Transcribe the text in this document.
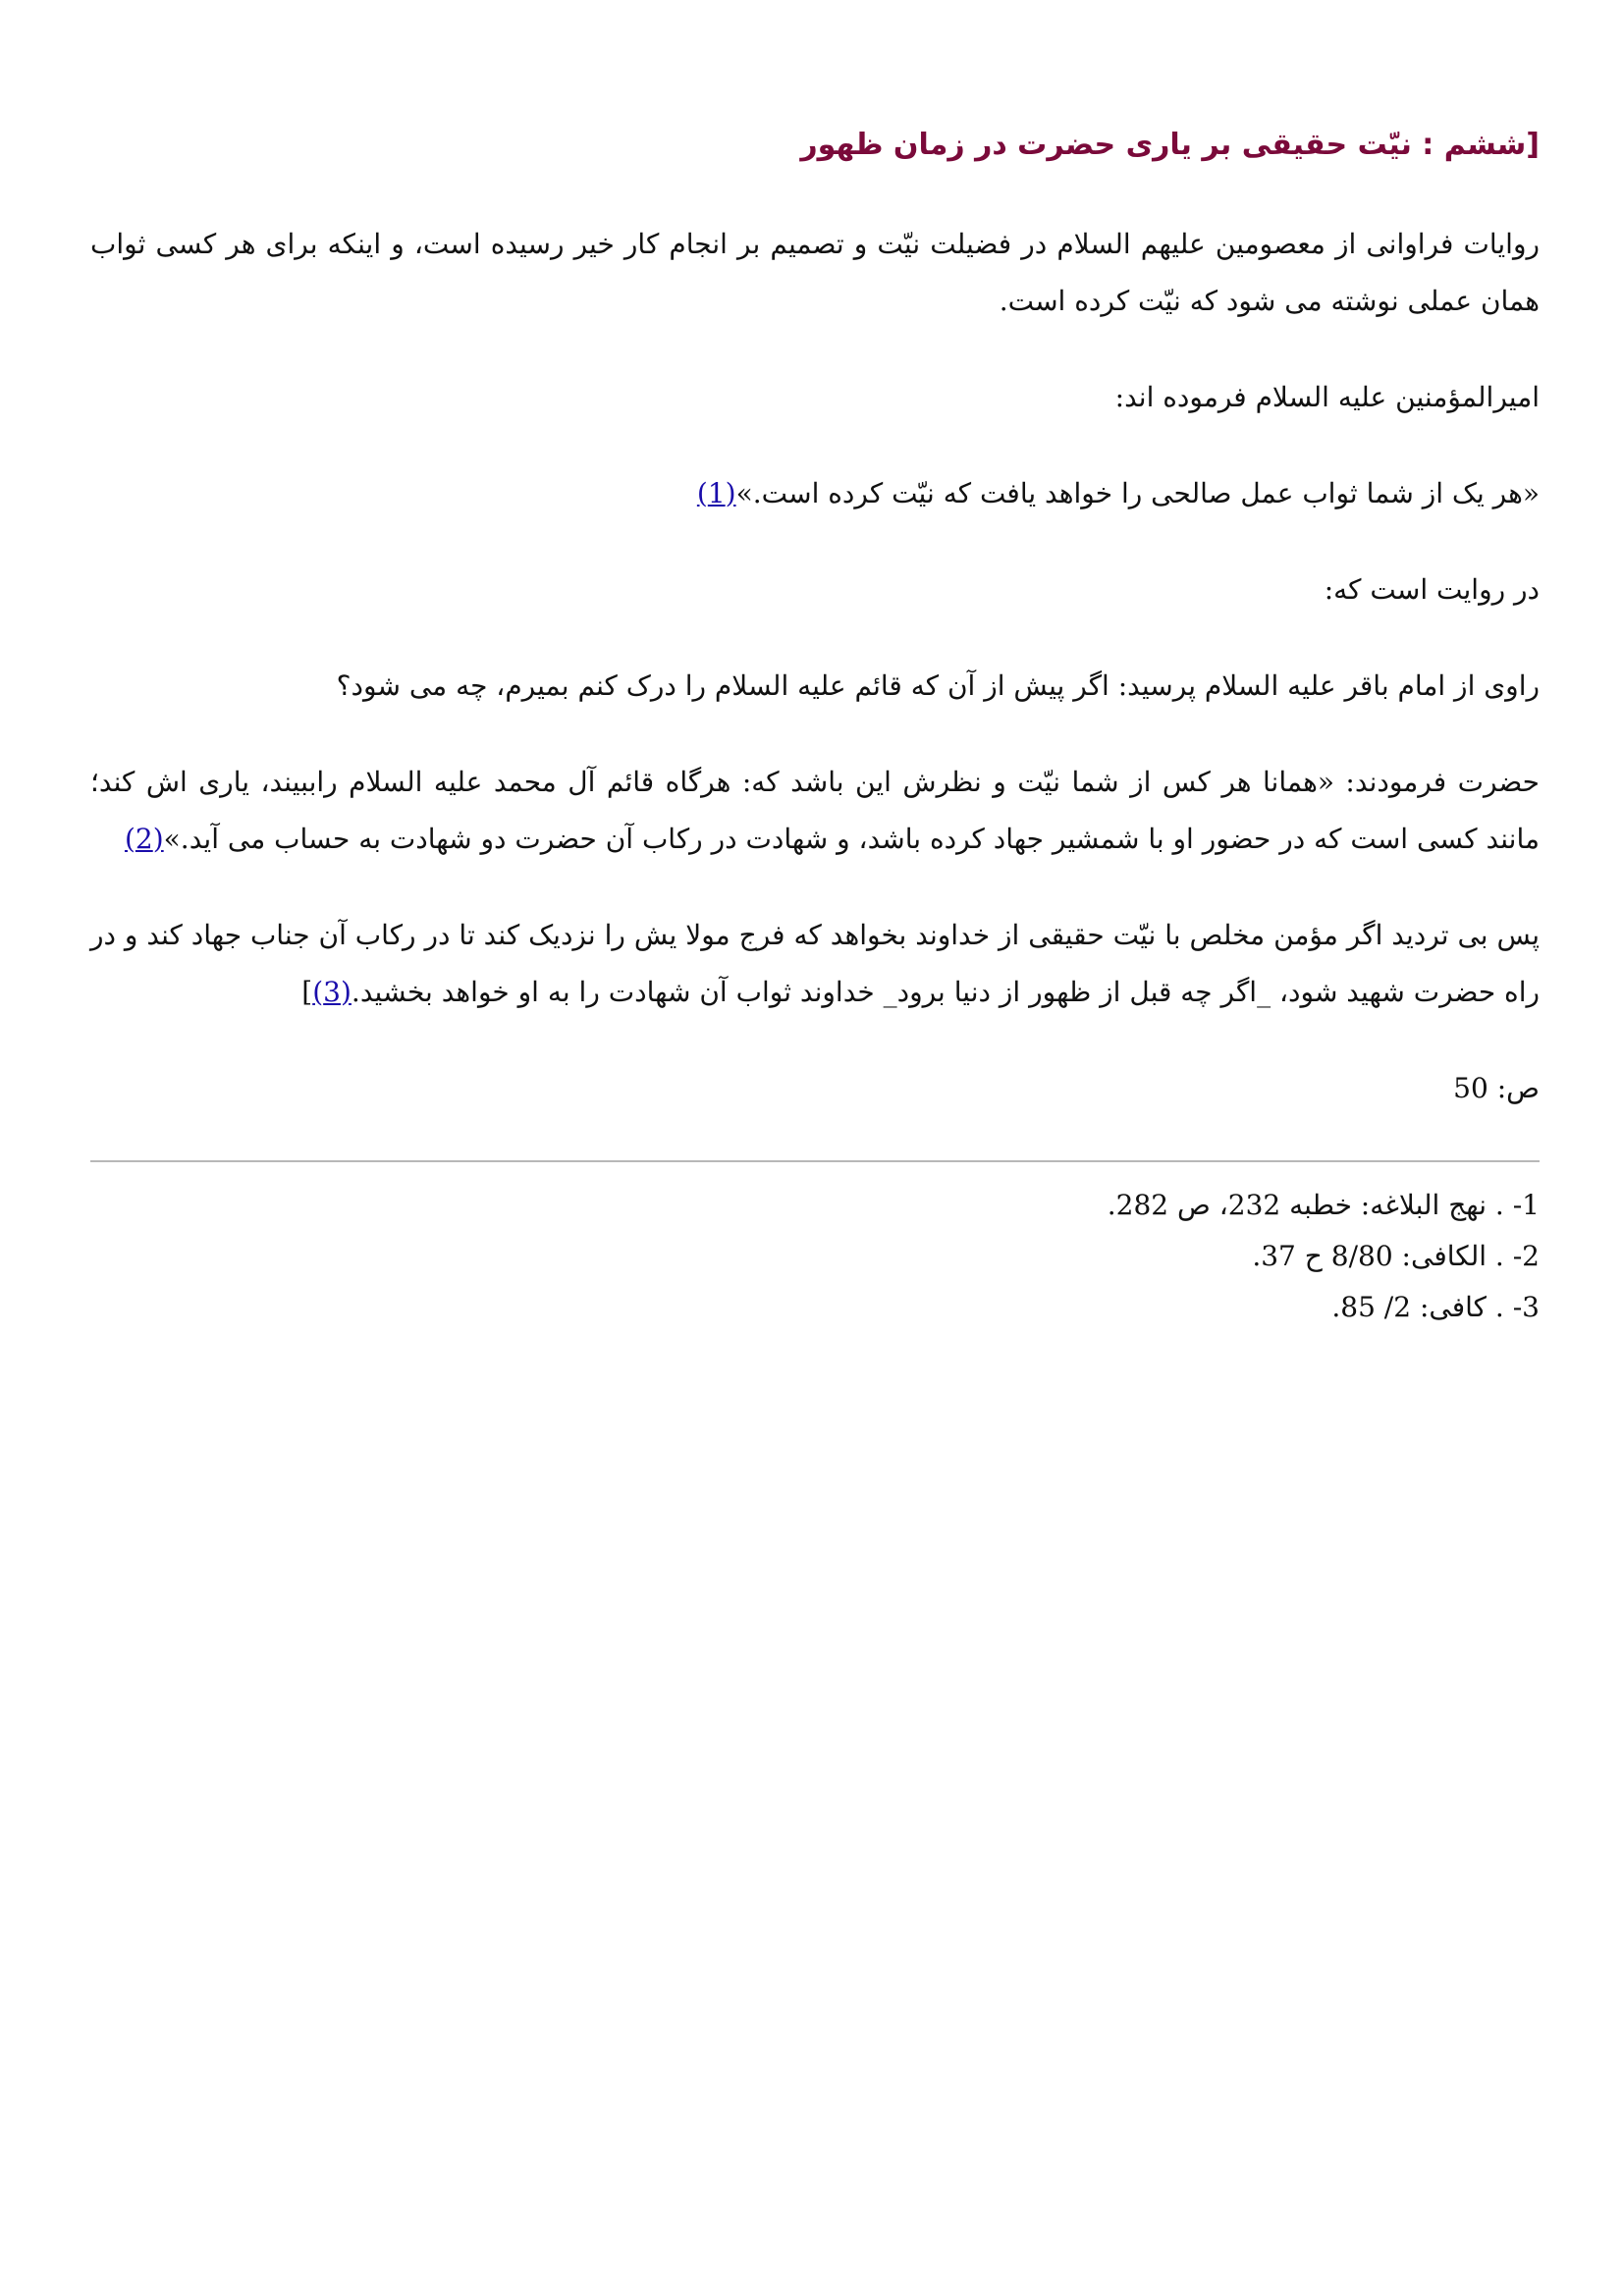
[ششم : نیّت حقیقی بر یاری حضرت در زمان ظهور

روایات فراوانی از معصومین علیهم السلام در فضیلت نیّت و تصمیم بر انجام کار خیر رسیده است، و اینکه برای هر کسی ثواب همان عملی نوشته می شود که نیّت کرده است.

امیرالمؤمنین علیه السلام فرموده اند:

«هر یک از شما ثواب عمل صالحی را خواهد یافت که نیّت کرده است.»(1)

در روایت است که:

راوی از امام باقر علیه السلام پرسید: اگر پیش از آن که قائم علیه السلام را درک کنم بمیرم، چه می شود؟

حضرت فرمودند: «همانا هر کس از شما نیّت و نظرش این باشد که: هرگاه قائم آل محمد علیه السلام راببیند، یاری اش کند؛ مانند کسی است که در حضور او با شمشیر جهاد کرده باشد، و شهادت در رکاب آن حضرت دو شهادت به حساب می آید.»(2)

پس بی تردید اگر مؤمن مخلص با نیّت حقیقی از خداوند بخواهد که فرج مولا یش را نزدیک کند تا در رکاب آن جناب جهاد کند و در راه حضرت شهید شود، _اگر چه قبل از ظهور از دنیا برود_ خداوند ثواب آن شهادت را به او خواهد بخشید.(3)]

ص: 50

1- . نهج البلاغه: خطبه 232، ص 282.

2- . الکافی: 8/80 ح 37.

3- . کافی: 2/ 85.
